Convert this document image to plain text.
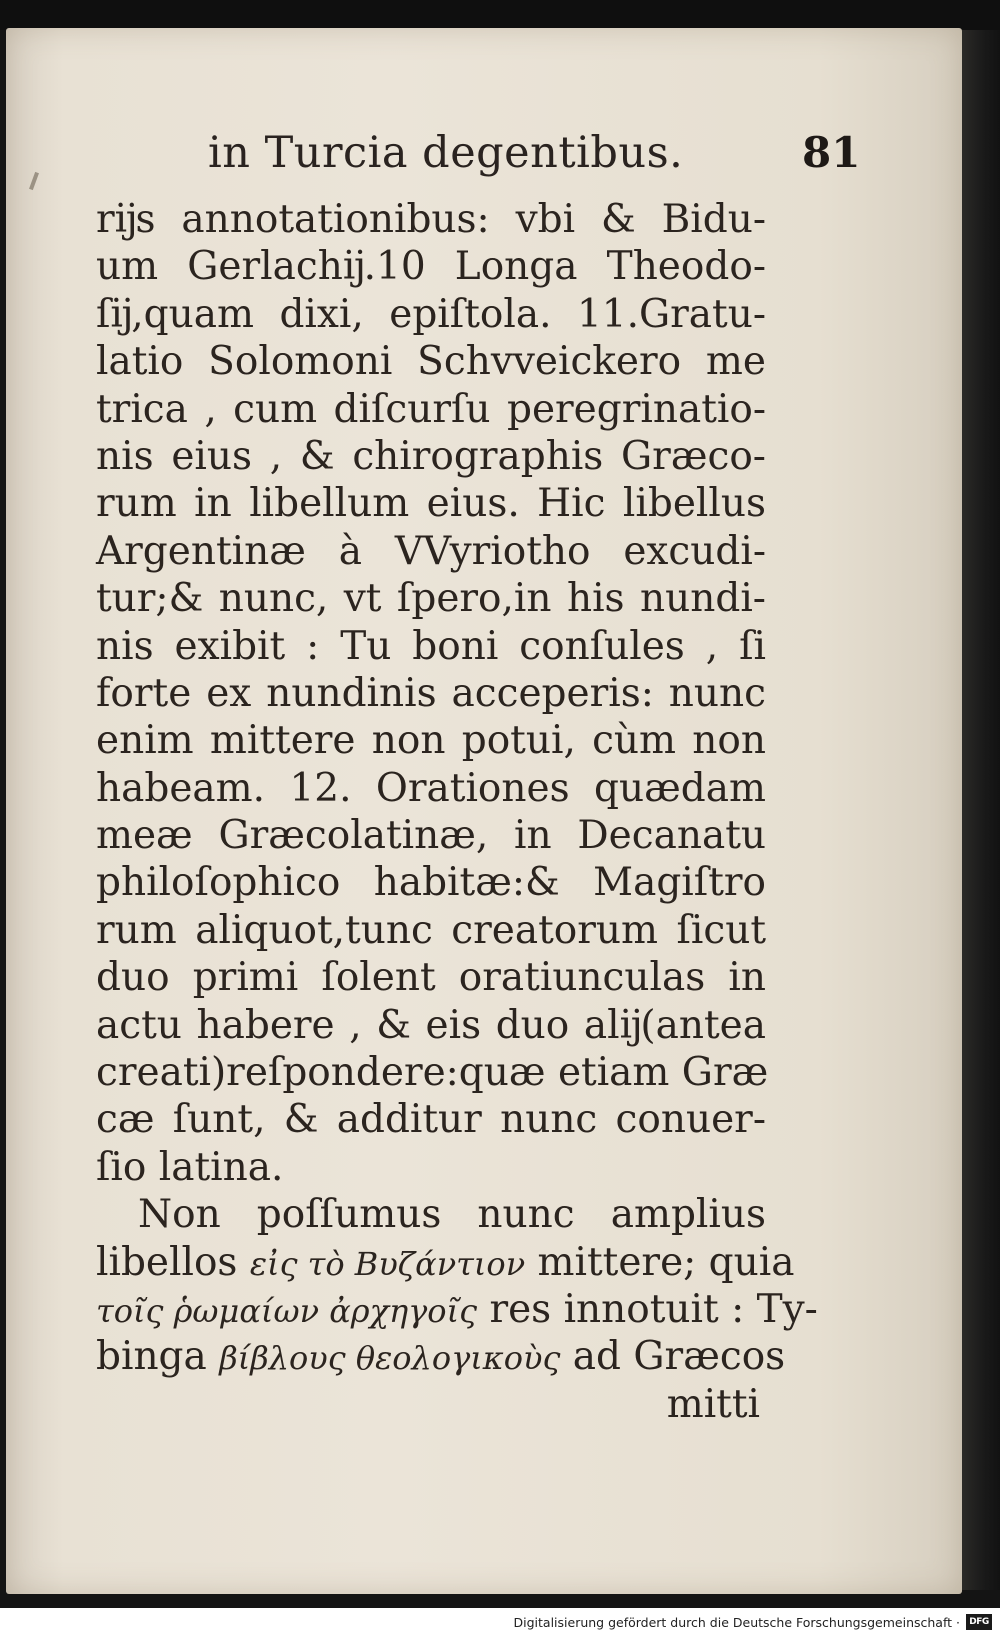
in Turcia degentibus.	81
rĳs annotationibus: vbi & Bidu-
um Gerlachĳ.10 Longa Theodo-
ſĳ,quam dixi, epiſtola. 11.Gratu-
latio Solomoni Schvveickero me
trica , cum diſcurſu peregrinatio-
nis eius , & chirographis Græco-
rum in libellum eius. Hic libellus
Argentinæ à VVyriotho excudi-
tur;& nunc, vt ſpero,in his nundi-
nis exibit : Tu boni conſules , ſi
forte ex nundinis acceperis: nunc
enim mittere non potui, cùm non
habeam. 12. Orationes quædam
meæ Græcolatinæ, in Decanatu
philoſophico habitæ:& Magiſtro
rum aliquot,tunc creatorum ſicut
duo primi ſolent oratiunculas in
actu habere , & eis duo alĳ(antea
creati)reſpondere:quæ etiam Græ
cæ ſunt, & additur nunc conuer-
ſio latina.
Non poſſumus nunc amplius
libellos εἰς τὸ Βυζάντιον mittere; quia
τοῖς ῥωμαίων ἀρχηγοῖς res innotuit : Ty-
binga βίβλους θεολογικοὺς ad Græcos
mitti
Digitalisierung gefördert durch die Deutsche Forschungsgemeinschaft ·	DFG
